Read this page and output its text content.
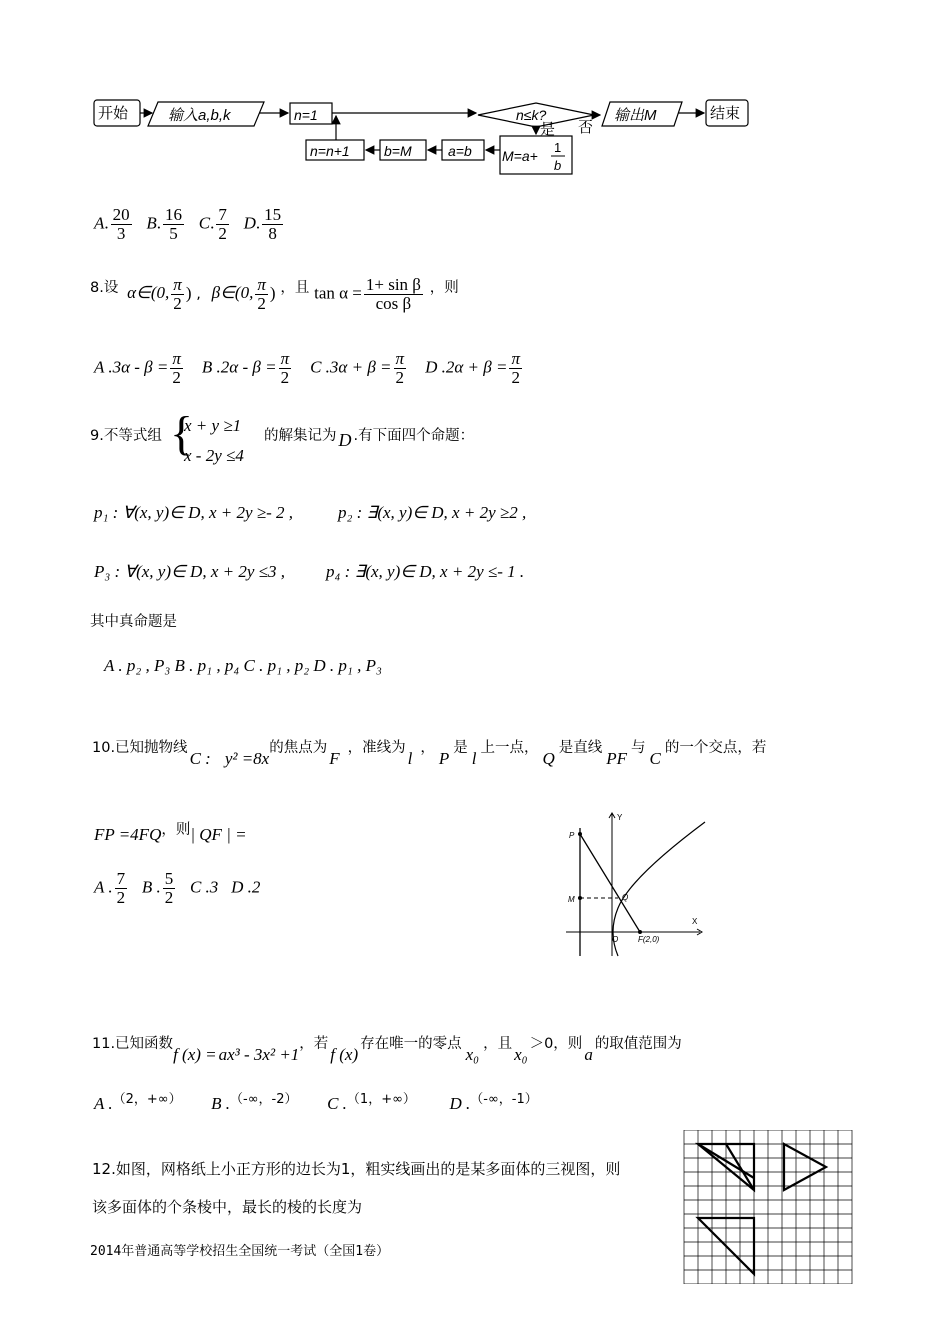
开始	输入a,b,k	n=1	n≤k?
是 否
输出M	结束
n=n+1 b=M	a=b M=a+
1
b
A. $\frac{20}{3} B$. $\frac{16}{5} C$. $\frac{7}{2} D$. $\frac{15}{8}$
8.设 α∈(0, $\frac{\pi}{2}$ ) , β∈(0, $\frac{\pi}{2}$ ) ，且 $\tan \alpha = \frac{\text{1+ sin β}}{\text{cos β}}$ ，则
A $.3\alpha - \beta = \frac{\pi}{2}$ B $.2\alpha - \beta = \frac{\pi}{2}$ C $.3\alpha + \beta = \frac{\pi}{2}$ D $.2\alpha + \beta = \frac{\pi}{2}$
9.不等式组 {
x + y ≥1
x - 2y ≤4
的解集记为 D .有下面四个命题：
p₁ : ∀(x, y)∈ D, x + 2y ≥- 2 ,	p₂ : ∃(x, y)∈ D, x + 2y ≥2 ,
P₃ : ∀(x, y)∈ D, x + 2y ≤3 , p₄ : ∃(x, y)∈ D, x + 2y ≤- 1 .
其中真命题是
A . p₂ , P₃ B . p₁ , p₄ C . p₁ , p₂ D . p₁ , P₃
10.已知抛物线C : y² =8x的焦点为F，准线为l，P是l上一点，Q是直线PF与C的一个交点，若
FP =4FQ，则| QF | =
A . $\frac{7}{2}$ B . $\frac{5}{2}$ C .3 D .2
Y
X
P
M	Q
O F(2,0)
11.已知函数f (x) = ax³ - 3x² +1，若f (x)存在唯一的零点x₀，且x₀＞0，则a的取值范围为
A .（2，+∞） B .（-∞，-2） C .（1，+∞） D .（-∞，-1）
12.如图，网格纸上小正方形的边长为1，粗实线画出的是某多面体的三视图，则
该多面体的个条棱中，最长的棱的长度为
2014年普通高等学校招生全国统一考试（全国1卷）
